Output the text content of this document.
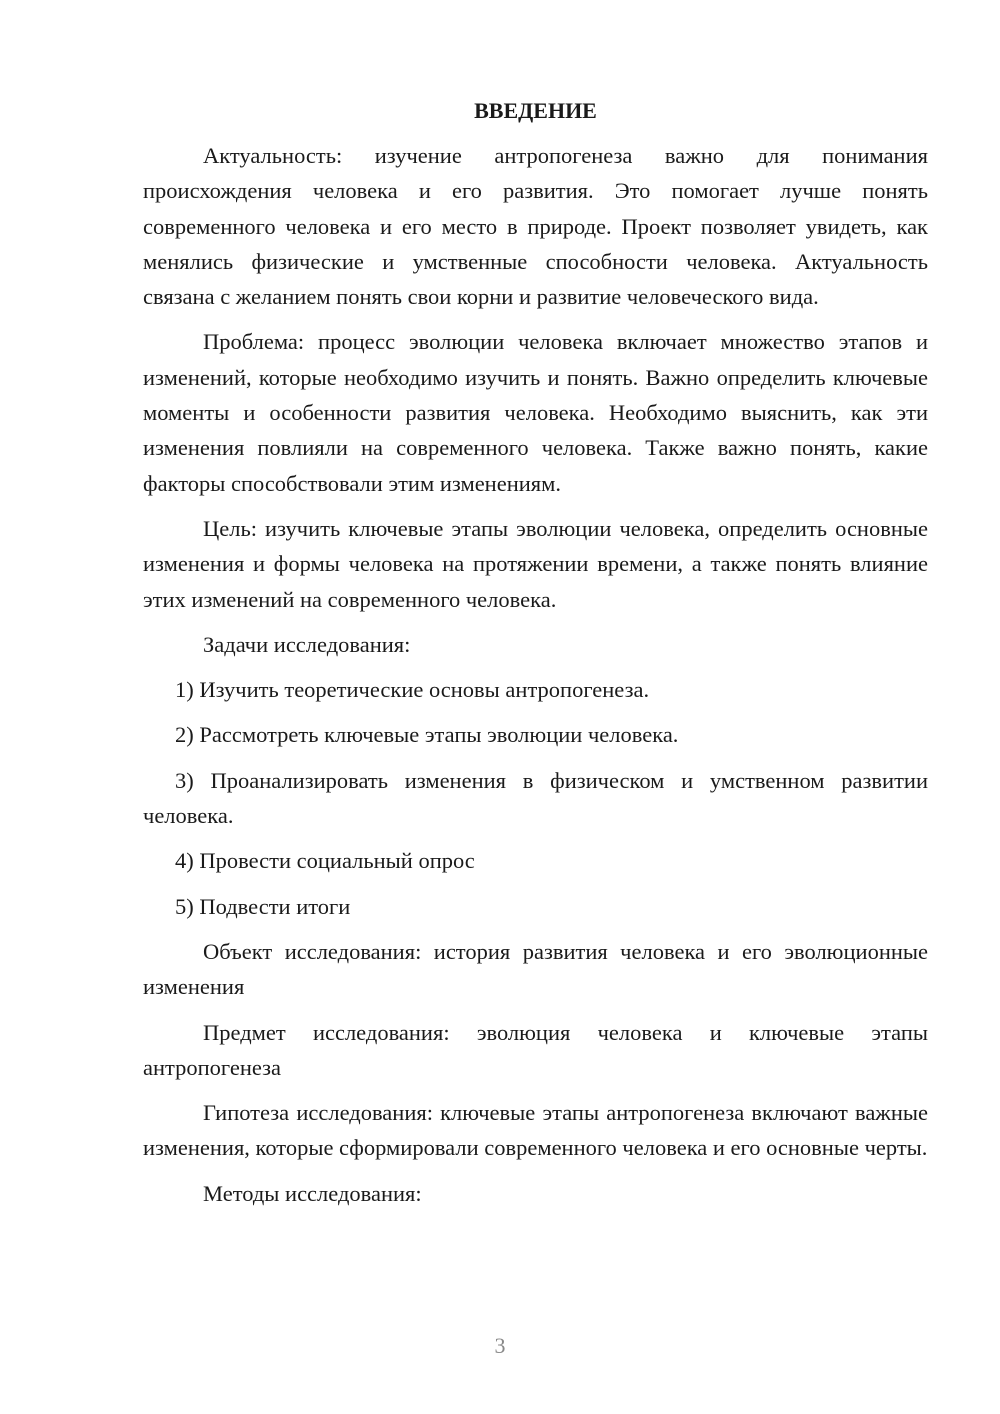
ВВЕДЕНИЕ

Актуальность: изучение антропогенеза важно для понимания происхождения человека и его развития. Это помогает лучше понять современного человека и его место в природе. Проект позволяет увидеть, как менялись физические и умственные способности человека. Актуальность связана с желанием понять свои корни и развитие человеческого вида.

Проблема: процесс эволюции человека включает множество этапов и изменений, которые необходимо изучить и понять. Важно определить ключевые моменты и особенности развития человека. Необходимо выяснить, как эти изменения повлияли на современного человека. Также важно понять, какие факторы способствовали этим изменениям.

Цель: изучить ключевые этапы эволюции человека, определить основные изменения и формы человека на протяжении времени, а также понять влияние этих изменений на современного человека.

Задачи исследования:

1) Изучить теоретические основы антропогенеза.

2) Рассмотреть ключевые этапы эволюции человека.

3) Проанализировать изменения в физическом и умственном развитии человека.

4) Провести социальный опрос

5) Подвести итоги

Объект исследования: история развития человека и его эволюционные изменения

Предмет исследования: эволюция человека и ключевые этапы антропогенеза

Гипотеза исследования: ключевые этапы антропогенеза включают важные изменения, которые сформировали современного человека и его основные черты.

Методы исследования:

3
